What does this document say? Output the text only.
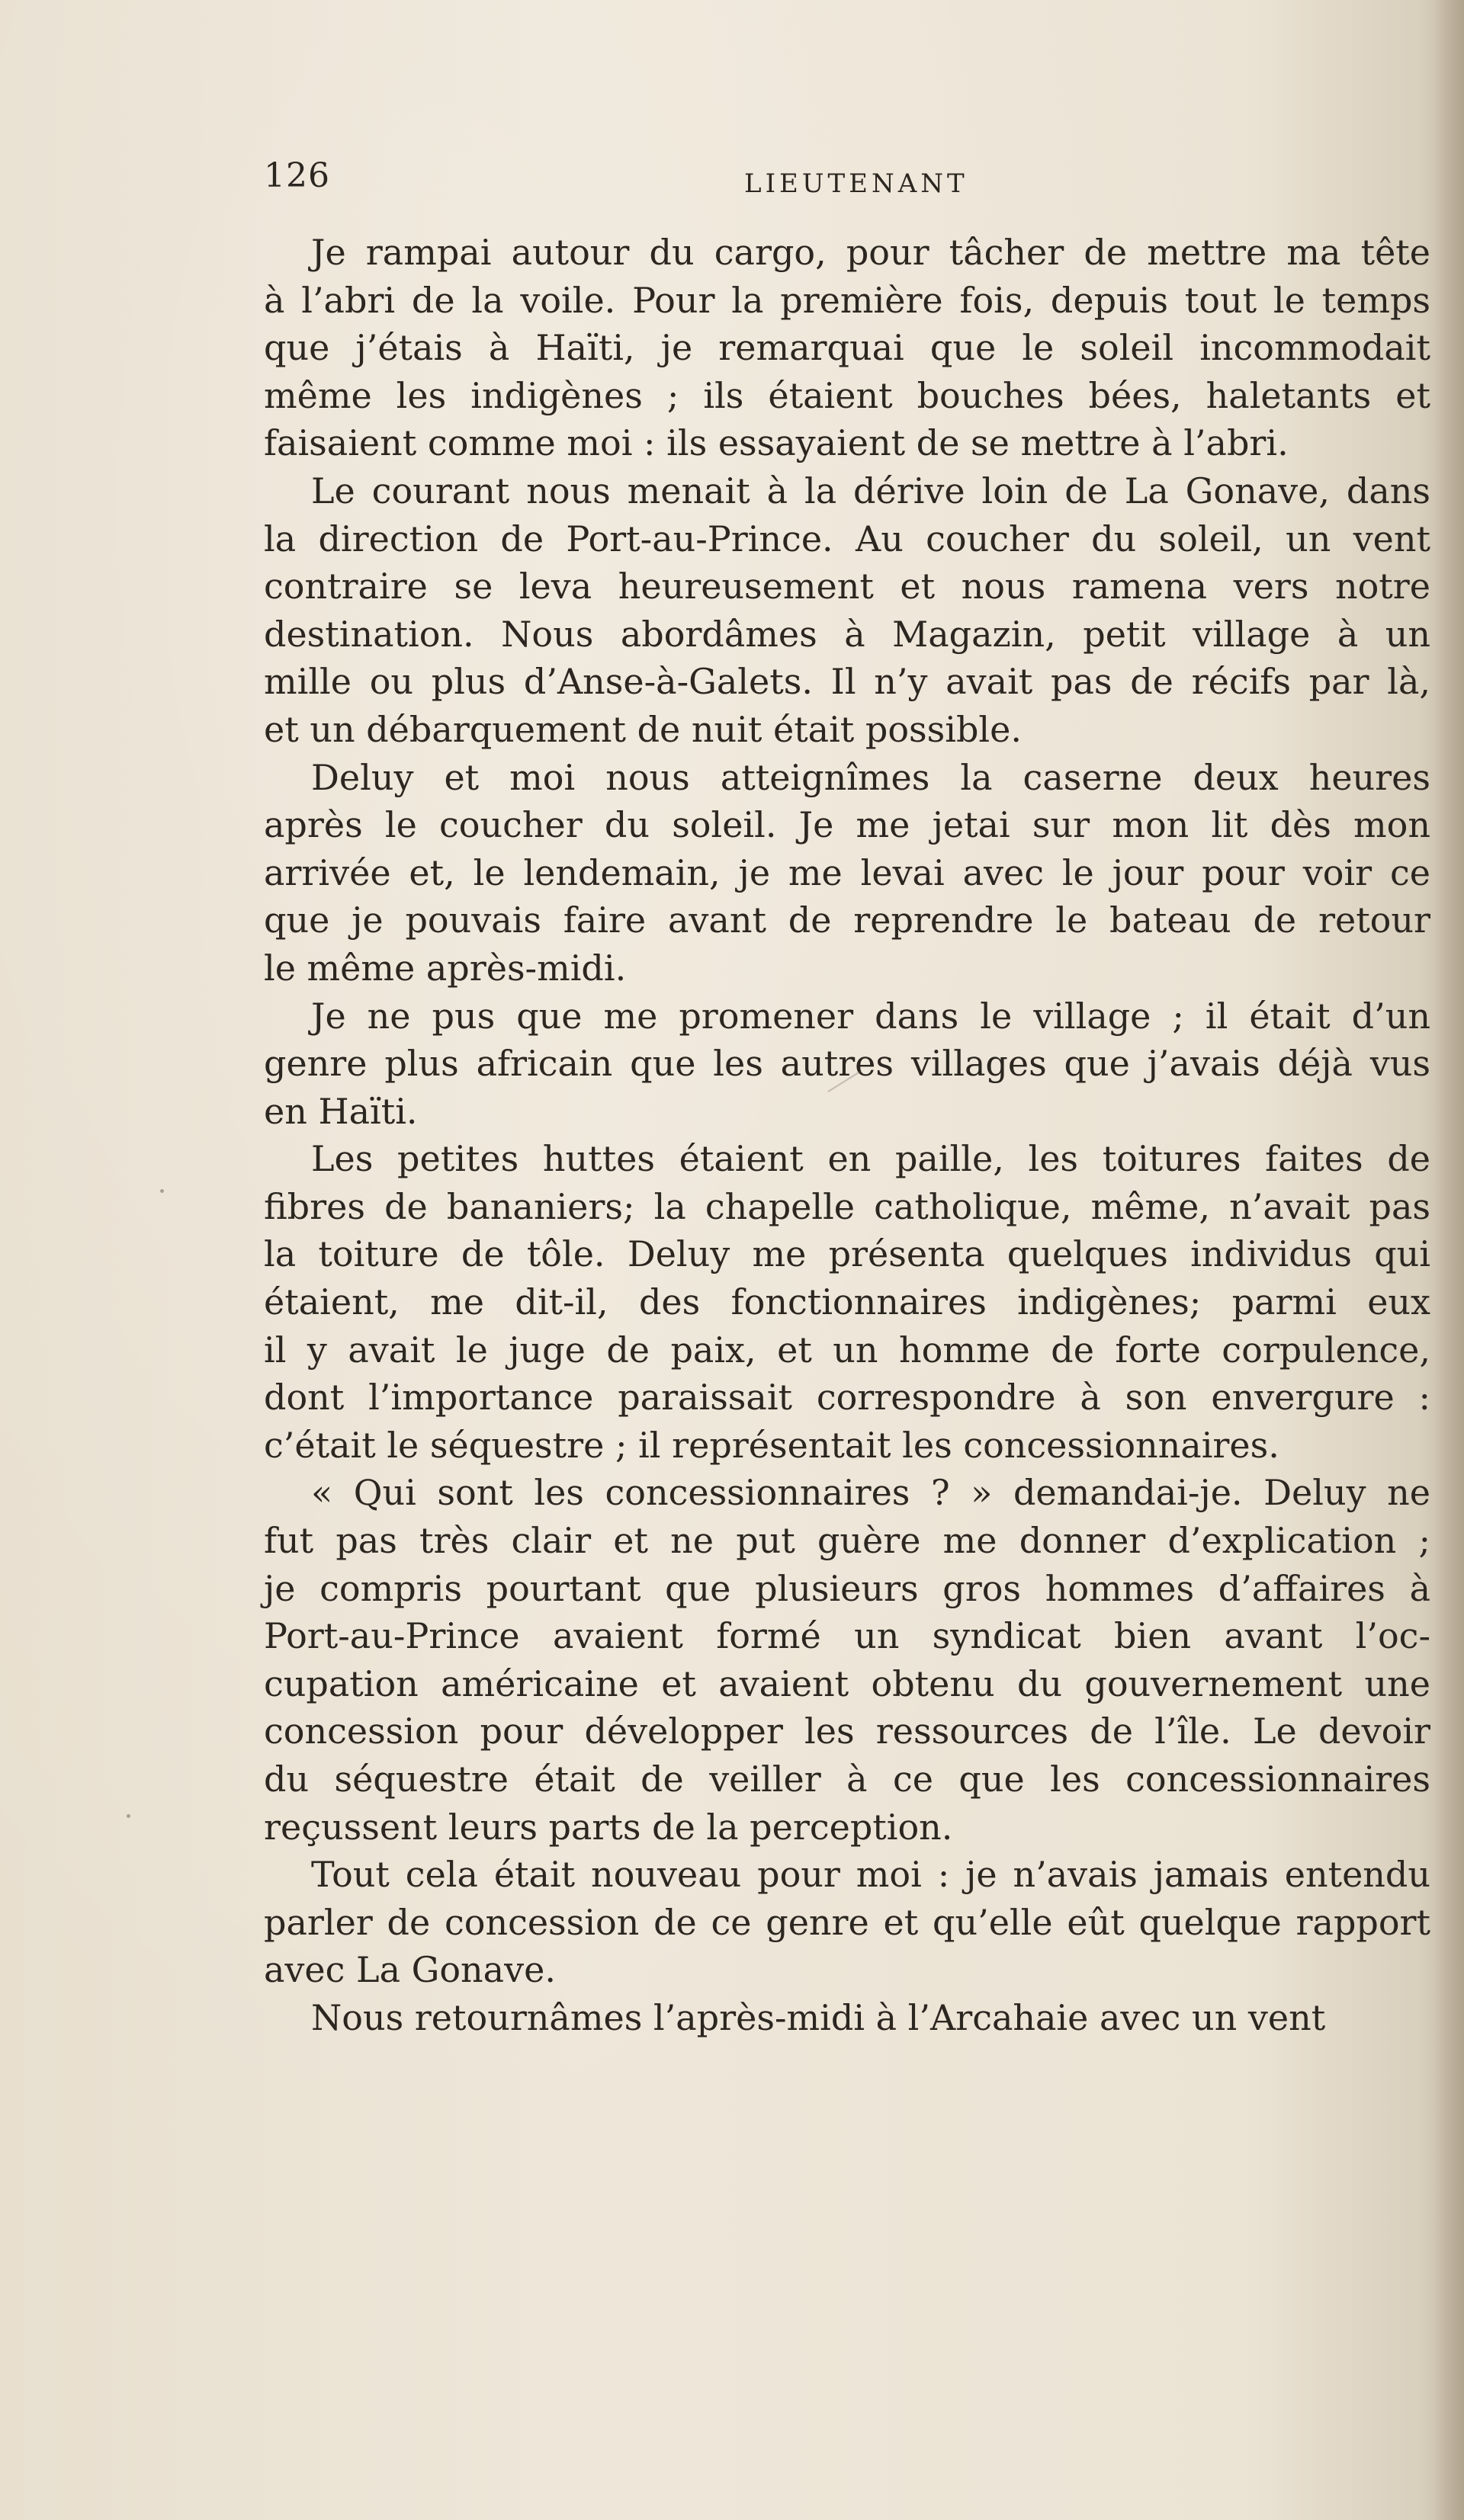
126	LIEUTENANT
Je rampai autour du cargo, pour tâcher de mettre ma tête
à l’abri de la voile. Pour la première fois, depuis tout le temps
que j’étais à Haïti, je remarquai que le soleil incommodait
même les indigènes ; ils étaient bouches bées, haletants et
faisaient comme moi : ils essayaient de se mettre à l’abri.
Le courant nous menait à la dérive loin de La Gonave, dans
la direction de Port-au-Prince. Au coucher du soleil, un vent
contraire se leva heureusement et nous ramena vers notre
destination. Nous abordâmes à Magazin, petit village à un
mille ou plus d’Anse-à-Galets. Il n’y avait pas de récifs par là,
et un débarquement de nuit était possible.
Deluy et moi nous atteignîmes la caserne deux heures
après le coucher du soleil. Je me jetai sur mon lit dès mon
arrivée et, le lendemain, je me levai avec le jour pour voir ce
que je pouvais faire avant de reprendre le bateau de retour
le même après-midi.
Je ne pus que me promener dans le village ; il était d’un
genre plus africain que les autres villages que j’avais déjà vus
en Haïti.
Les petites huttes étaient en paille, les toitures faites de
fibres de bananiers; la chapelle catholique, même, n’avait pas
la toiture de tôle. Deluy me présenta quelques individus qui
étaient, me dit-il, des fonctionnaires indigènes; parmi eux
il y avait le juge de paix, et un homme de forte corpulence,
dont l’importance paraissait correspondre à son envergure :
c’était le séquestre ; il représentait les concessionnaires.
« Qui sont les concessionnaires ? » demandai-je. Deluy ne
fut pas très clair et ne put guère me donner d’explication ;
je compris pourtant que plusieurs gros hommes d’affaires à
Port-au-Prince avaient formé un syndicat bien avant l’oc-
cupation américaine et avaient obtenu du gouvernement une
concession pour développer les ressources de l’île. Le devoir
du séquestre était de veiller à ce que les concessionnaires
reçussent leurs parts de la perception.
Tout cela était nouveau pour moi : je n’avais jamais entendu
parler de concession de ce genre et qu’elle eût quelque rapport
avec La Gonave.
Nous retournâmes l’après-midi à l’Arcahaie avec un vent
